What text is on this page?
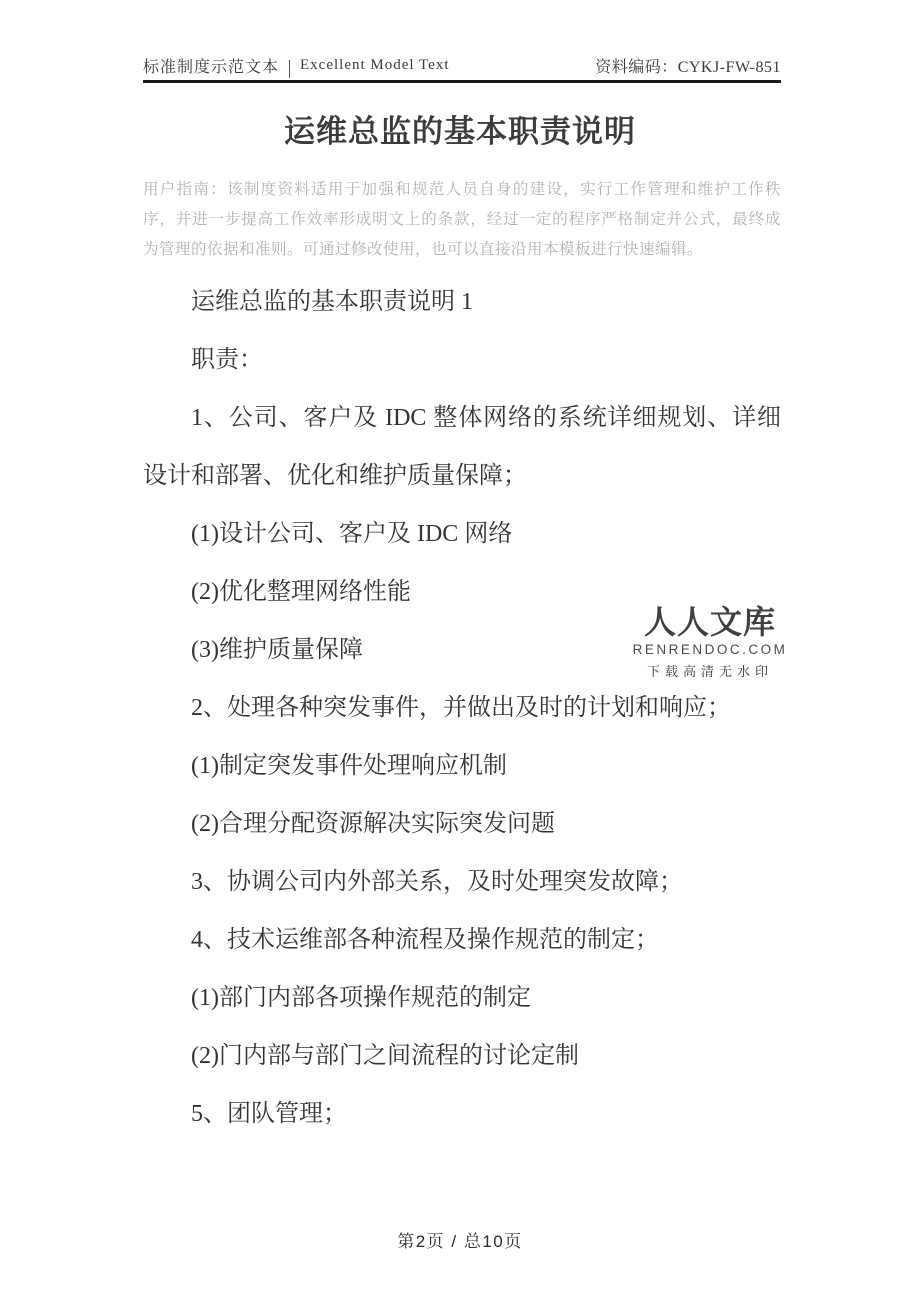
标准制度示范文本 Excellent Model Text	资料编码：CYKJ-FW-851
运维总监的基本职责说明
用户指南：该制度资料适用于加强和规范人员自身的建设，实行工作管理和维护工作秩序，并进一步提高工作效率形成明文上的条款，经过一定的程序严格制定并公式，最终成为管理的依据和准则。可通过修改使用，也可以直接沿用本模板进行快速编辑。

运维总监的基本职责说明 1

职责：

1、公司、客户及 IDC 整体网络的系统详细规划、详细设计和部署、优化和维护质量保障；

(1)设计公司、客户及 IDC 网络

(2)优化整理网络性能

(3)维护质量保障

2、处理各种突发事件，并做出及时的计划和响应；

(1)制定突发事件处理响应机制

(2)合理分配资源解决实际突发问题

3、协调公司内外部关系，及时处理突发故障；

4、技术运维部各种流程及操作规范的制定；

(1)部门内部各项操作规范的制定

(2)门内部与部门之间流程的讨论定制

5、团队管理；

人人文库
RENRENDOC.COM
下载高清无水印
第2页 / 总10页
